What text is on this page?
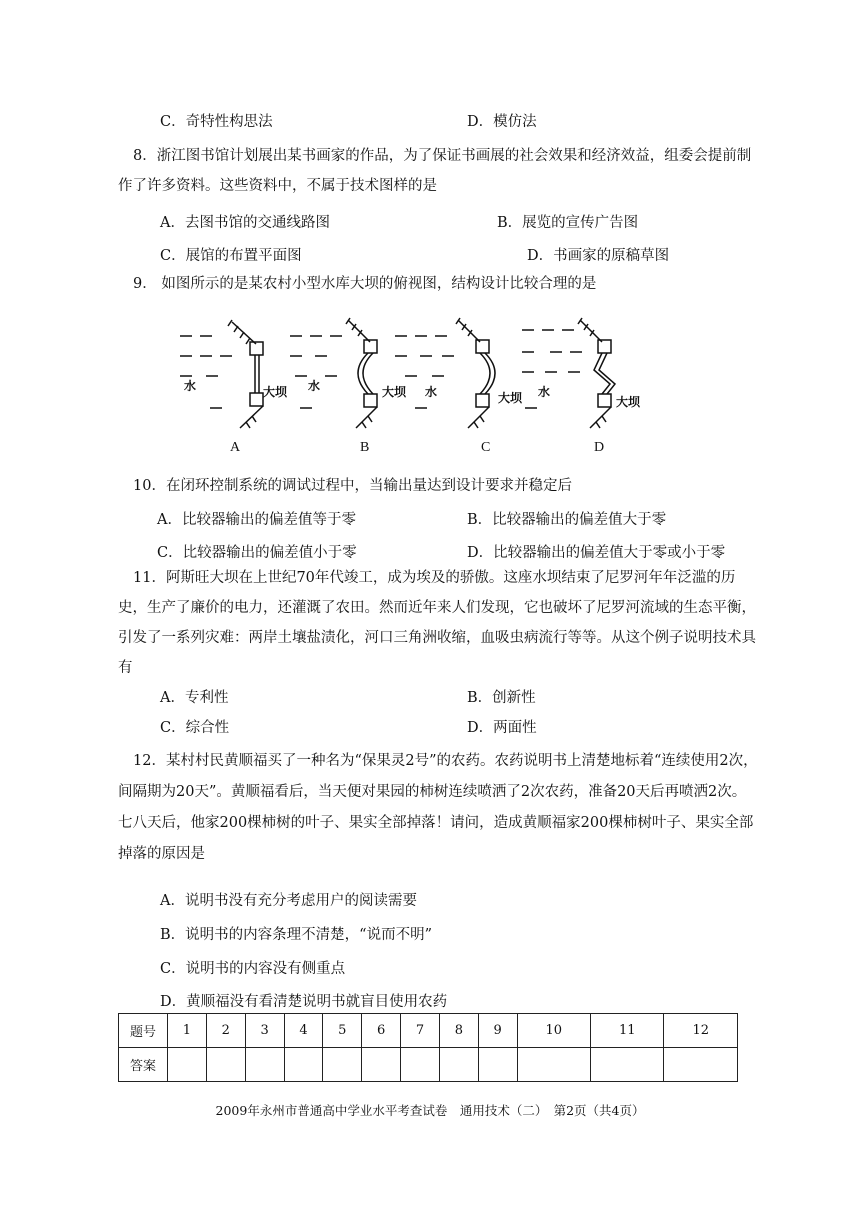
C．奇特性构思法	D．模仿法
8．浙江图书馆计划展出某书画家的作品，为了保证书画展的社会效果和经济效益，组委会提前制作了许多资料。这些资料中，不属于技术图样的是
A．去图书馆的交通线路图	B．展览的宣传广告图
C．展馆的布置平面图	D．书画家的原稿草图
9． 如图所示的是某农村小型水库大坝的俯视图，结构设计比较合理的是
水	大坝 水	大坝 水	大坝 水
大坝
A	B	C	D
10．在闭环控制系统的调试过程中，当输出量达到设计要求并稳定后
A．比较器输出的偏差值等于零	B．比较器输出的偏差值大于零
C．比较器输出的偏差值小于零	D．比较器输出的偏差值大于零或小于零
11．阿斯旺大坝在上世纪70年代竣工，成为埃及的骄傲。这座水坝结束了尼罗河年年泛滥的历史，生产了廉价的电力，还灌溉了农田。然而近年来人们发现，它也破坏了尼罗河流域的生态平衡，引发了一系列灾难：两岸土壤盐渍化，河口三角洲收缩，血吸虫病流行等等。从这个例子说明技术具有
A．专利性	B．创新性
C．综合性	D．两面性
12．某村村民黄顺福买了一种名为“保果灵2号”的农药。农药说明书上清楚地标着“连续使用2次，间隔期为20天”。黄顺福看后，当天便对果园的柿树连续喷洒了2次农药，准备20天后再喷洒2次。七八天后，他家200棵柿树的叶子、果实全部掉落！请问，造成黄顺福家200棵柿树叶子、果实全部掉落的原因是
A．说明书没有充分考虑用户的阅读需要
B．说明书的内容条理不清楚，“说而不明”
C．说明书的内容没有侧重点
D．黄顺福没有看清楚说明书就盲目使用农药
题号	1	2	3	4	5	6	7	8	9	10	11	12
答案												
2009年永州市普通高中学业水平考查试卷　通用技术（二）　第2页（共4页）
